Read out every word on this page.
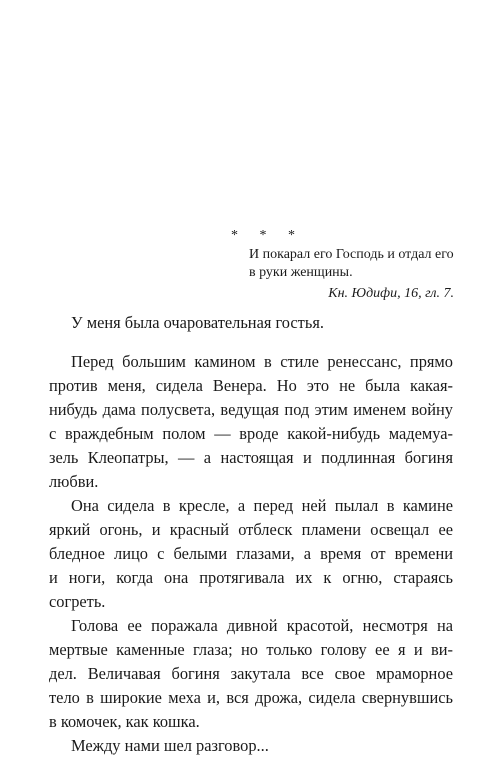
* * *
И покарал его Господь и отдал его
в руки женщины.
Кн. Юдифи, 16, гл. 7.
У меня была очаровательная гостья.
Перед большим камином в стиле ренессанс, прямо
против меня, сидела Венера. Но это не была какая-
нибудь дама полусвета, ведущая под этим именем войну
с враждебным полом — вроде какой-нибудь мадемуа-
зель Клеопатры, — а настоящая и подлинная богиня
любви.
Она сидела в кресле, а перед ней пылал в камине
яркий огонь, и красный отблеск пламени освещал ее
бледное лицо с белыми глазами, а время от времени
и ноги, когда она протягивала их к огню, стараясь
согреть.
Голова ее поражала дивной красотой, несмотря на
мертвые каменные глаза; но только голову ее я и ви-
дел. Величавая богиня закутала все свое мраморное
тело в широкие меха и, вся дрожа, сидела свернувшись
в комочек, как кошка.
Между нами шел разговор...
